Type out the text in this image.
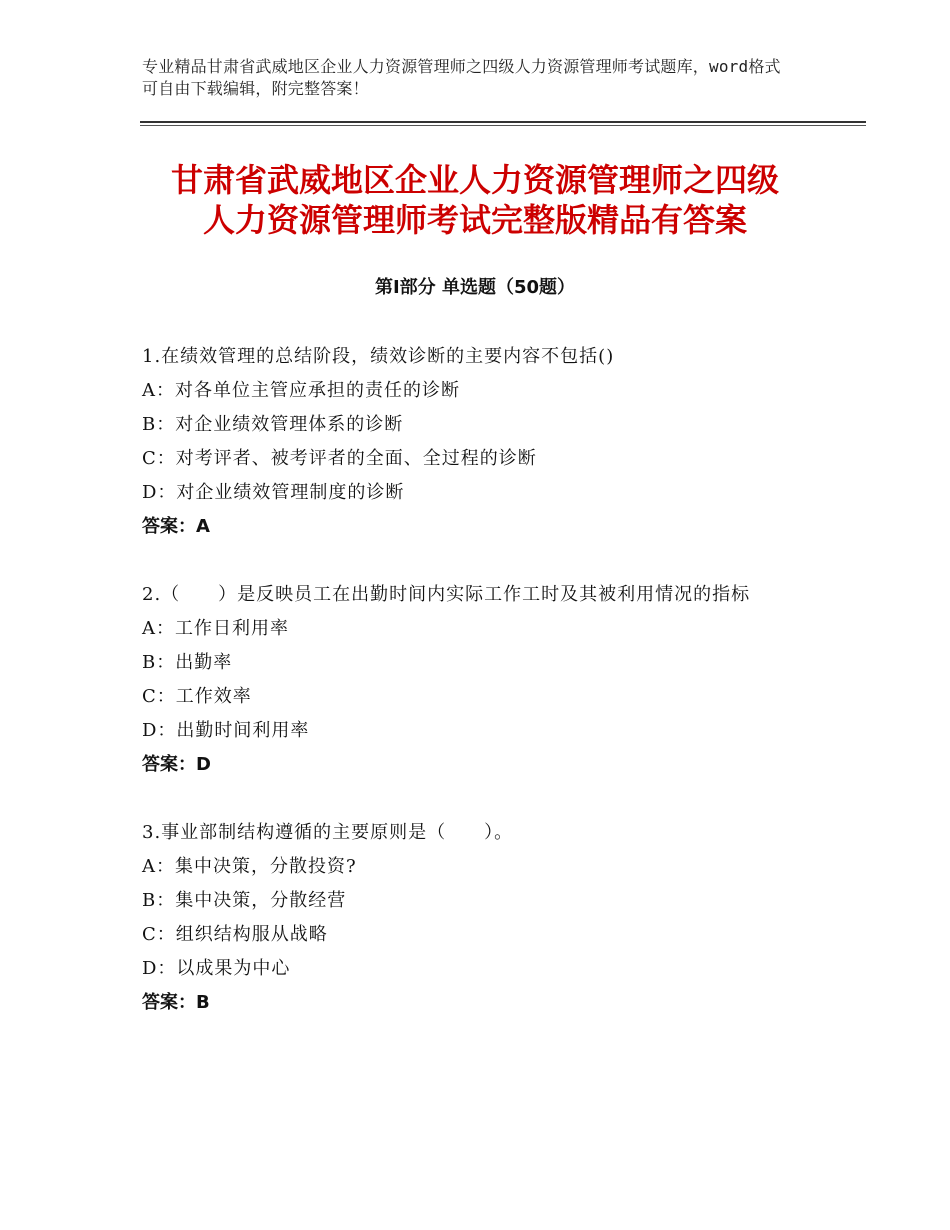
专业精品甘肃省武威地区企业人力资源管理师之四级人力资源管理师考试题库，word格式可自由下载编辑，附完整答案！
甘肃省武威地区企业人力资源管理师之四级
人力资源管理师考试完整版精品有答案
第Ⅰ部分 单选题（50题）
1.在绩效管理的总结阶段，绩效诊断的主要内容不包括()
A：对各单位主管应承担的责任的诊断
B：对企业绩效管理体系的诊断
C：对考评者、被考评者的全面、全过程的诊断
D：对企业绩效管理制度的诊断
答案：A
2.（　　）是反映员工在出勤时间内实际工作工时及其被利用情况的指标
A：工作日利用率
B：出勤率
C：工作效率
D：出勤时间利用率
答案：D
3.事业部制结构遵循的主要原则是（　　）。
A：集中决策，分散投资?
B：集中决策，分散经营
C：组织结构服从战略
D：以成果为中心
答案：B
